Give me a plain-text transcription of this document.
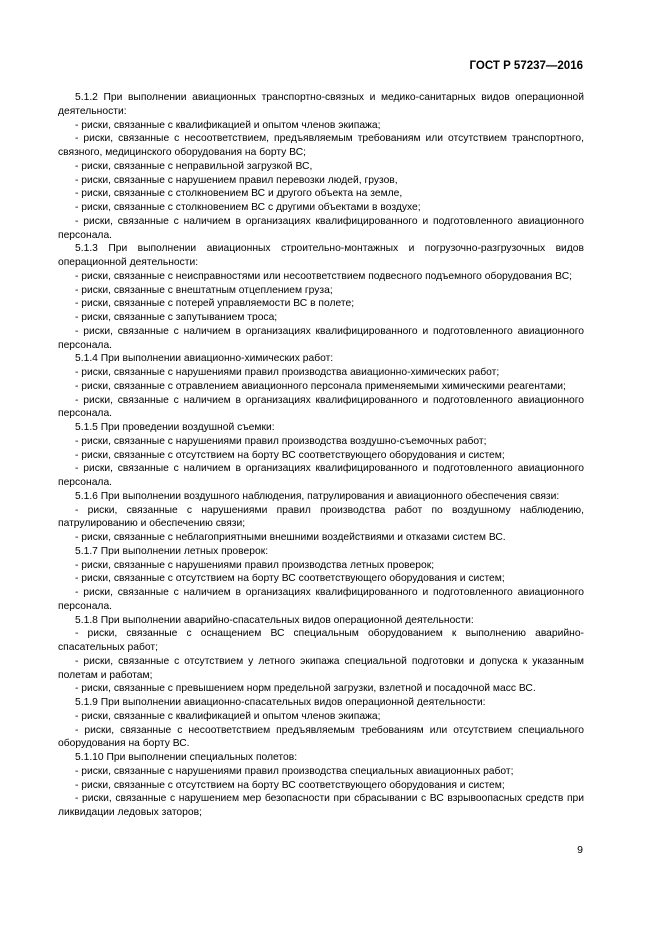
ГОСТ Р 57237—2016

5.1.2 При выполнении авиационных транспортно-связных и медико-санитарных видов операционной деятельности:

- риски, связанные с квалификацией и опытом членов экипажа;

- риски, связанные с несоответствием, предъявляемым требованиям или отсутствием транспортного, связного, медицинского оборудования на борту ВС;

- риски, связанные с неправильной загрузкой ВС,

- риски, связанные с нарушением правил перевозки людей, грузов,

- риски, связанные с столкновением ВС и другого объекта на земле,

- риски, связанные с столкновением ВС с другими объектами в воздухе;

- риски, связанные с наличием в организациях квалифицированного и подготовленного авиационного персонала.

5.1.3 При выполнении авиационных строительно-монтажных и погрузочно-разгрузочных видов операционной деятельности:

- риски, связанные с неисправностями или несоответствием подвесного подъемного оборудования ВС;

- риски, связанные с внештатным отцеплением груза;

- риски, связанные с потерей управляемости ВС в полете;

- риски, связанные с запутыванием троса;

- риски, связанные с наличием в организациях квалифицированного и подготовленного авиационного персонала.

5.1.4 При выполнении авиационно-химических работ:

- риски, связанные с нарушениями правил производства авиационно-химических работ;

- риски, связанные с отравлением авиационного персонала применяемыми химическими реагентами;

- риски, связанные с наличием в организациях квалифицированного и подготовленного авиационного персонала.

5.1.5 При проведении воздушной съемки:

- риски, связанные с нарушениями правил производства воздушно-съемочных работ;

- риски, связанные с отсутствием на борту ВС соответствующего оборудования и систем;

- риски, связанные с наличием в организациях квалифицированного и подготовленного авиационного персонала.

5.1.6 При выполнении воздушного наблюдения, патрулирования и авиационного обеспечения связи:

- риски, связанные с нарушениями правил производства работ по воздушному наблюдению, патрулированию и обеспечению связи;

- риски, связанные с неблагоприятными внешними воздействиями и отказами систем ВС.

5.1.7 При выполнении летных проверок:

- риски, связанные с нарушениями правил производства летных проверок;

- риски, связанные с отсутствием на борту ВС соответствующего оборудования и систем;

- риски, связанные с наличием в организациях квалифицированного и подготовленного авиационного персонала.

5.1.8 При выполнении аварийно-спасательных видов операционной деятельности:

- риски, связанные с оснащением ВС специальным оборудованием к выполнению аварийно-спасательных работ;

- риски, связанные с отсутствием у летного экипажа специальной подготовки и допуска к указанным полетам и работам;

- риски, связанные с превышением норм предельной загрузки, взлетной и посадочной масс ВС.

5.1.9 При выполнении авиационно-спасательных видов операционной деятельности:

- риски, связанные с квалификацией и опытом членов экипажа;

- риски, связанные с несоответствием предъявляемым требованиям или отсутствием специального оборудования на борту ВС.

5.1.10 При выполнении специальных полетов:

- риски, связанные с нарушениями правил производства специальных авиационных работ;

- риски, связанные с отсутствием на борту ВС соответствующего оборудования и систем;

- риски, связанные с нарушением мер безопасности при сбрасывании с ВС взрывоопасных средств при ликвидации ледовых заторов;

9
